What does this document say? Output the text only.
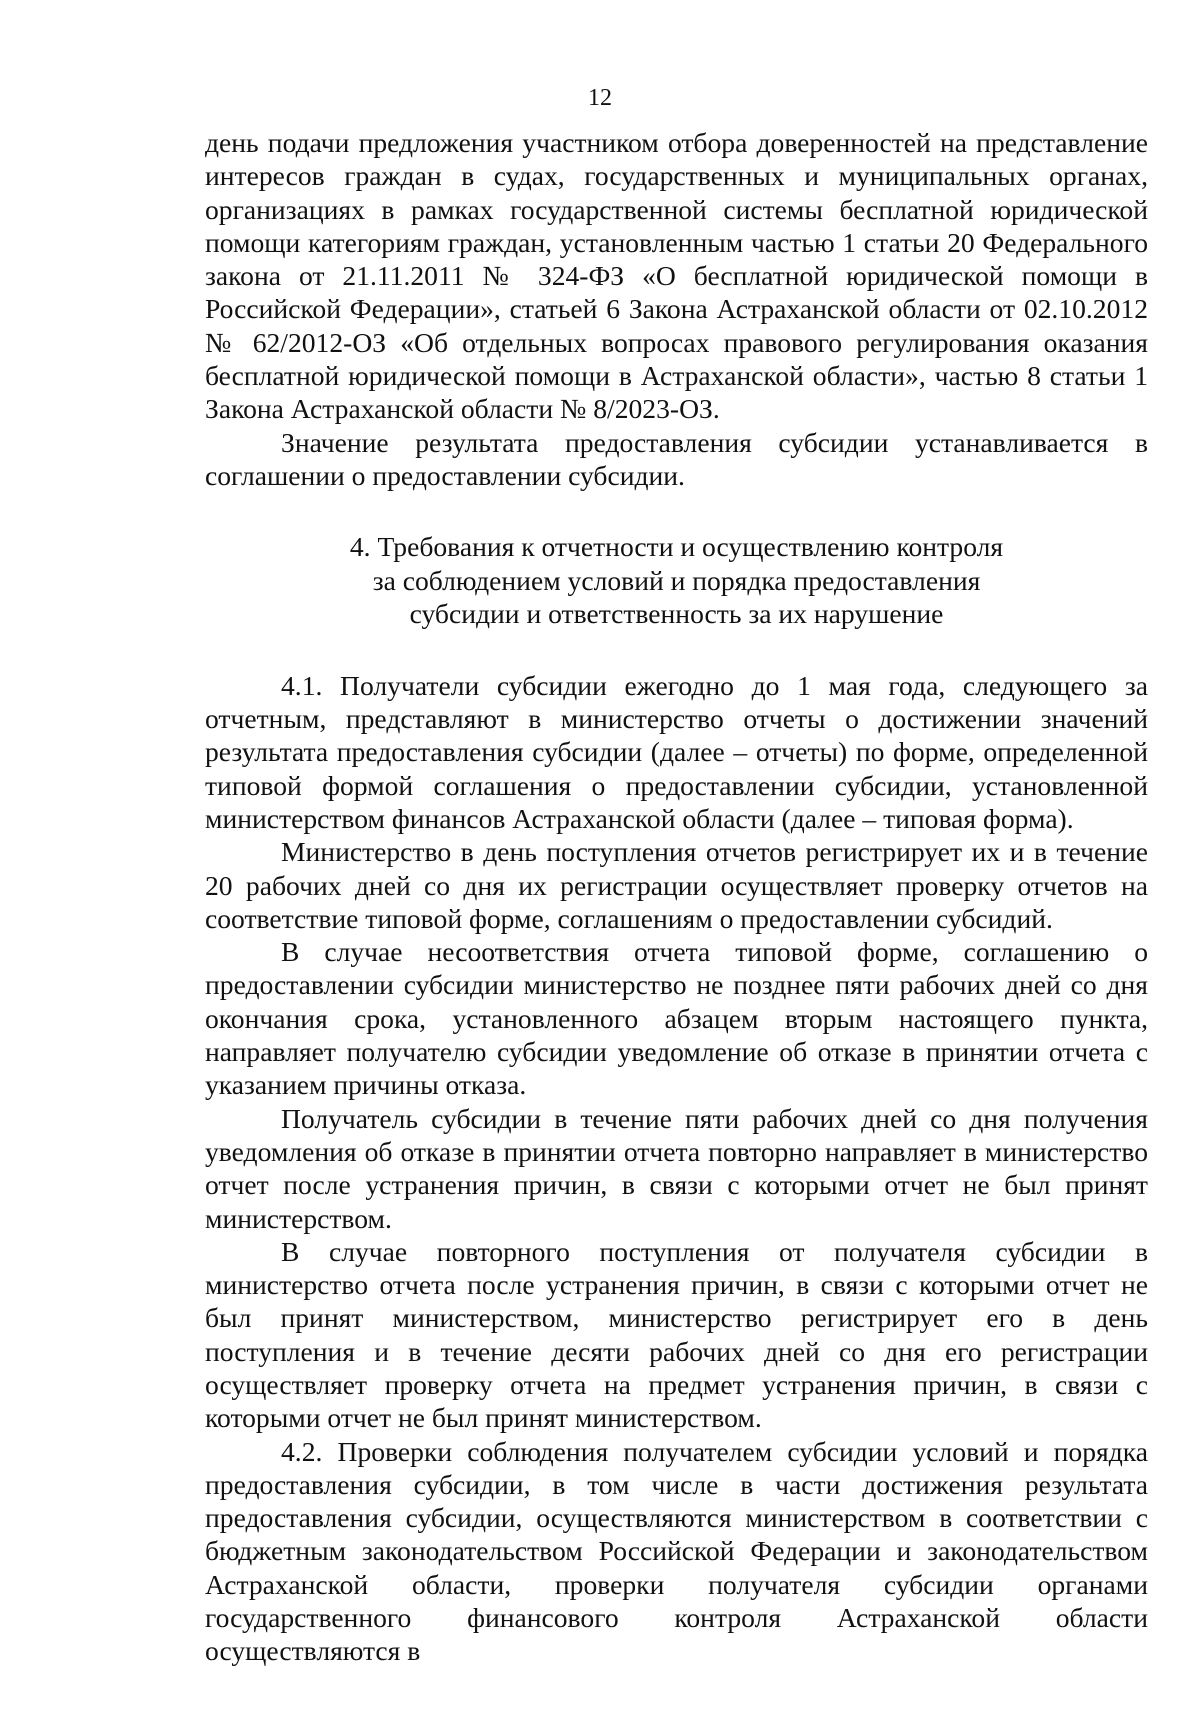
12

день подачи предложения участником отбора доверенностей на представление интересов граждан в судах, государственных и муниципальных органах, организациях в рамках государственной системы бесплатной юридической помощи категориям граждан, установленным частью 1 статьи 20 Федерального закона от 21.11.2011 № 324-ФЗ «О бесплатной юридической помощи в Российской Федерации», статьей 6 Закона Астраханской области от 02.10.2012 № 62/2012-ОЗ «Об отдельных вопросах правового регулирования оказания бесплатной юридической помощи в Астраханской области», частью 8 статьи 1 Закона Астраханской области № 8/2023-ОЗ.

Значение результата предоставления субсидии устанавливается в соглашении о предоставлении субсидии.

4. Требования к отчетности и осуществлению контроля
за соблюдением условий и порядка предоставления
субсидии и ответственность за их нарушение

4.1. Получатели субсидии ежегодно до 1 мая года, следующего за отчетным, представляют в министерство отчеты о достижении значений результата предоставления субсидии (далее – отчеты) по форме, определенной типовой формой соглашения о предоставлении субсидии, установленной министерством финансов Астраханской области (далее – типовая форма).

Министерство в день поступления отчетов регистрирует их и в течение 20 рабочих дней со дня их регистрации осуществляет проверку отчетов на соответствие типовой форме, соглашениям о предоставлении субсидий.

В случае несоответствия отчета типовой форме, соглашению о предоставлении субсидии министерство не позднее пяти рабочих дней со дня окончания срока, установленного абзацем вторым настоящего пункта, направляет получателю субсидии уведомление об отказе в принятии отчета с указанием причины отказа.

Получатель субсидии в течение пяти рабочих дней со дня получения уведомления об отказе в принятии отчета повторно направляет в министерство отчет после устранения причин, в связи с которыми отчет не был принят министерством.

В случае повторного поступления от получателя субсидии в министерство отчета после устранения причин, в связи с которыми отчет не был принят министерством, министерство регистрирует его в день поступления и в течение десяти рабочих дней со дня его регистрации осуществляет проверку отчета на предмет устранения причин, в связи с которыми отчет не был принят министерством.

4.2. Проверки соблюдения получателем субсидии условий и порядка предоставления субсидии, в том числе в части достижения результата предоставления субсидии, осуществляются министерством в соответствии с бюджетным законодательством Российской Федерации и законодательством Астраханской области, проверки получателя субсидии органами государственного финансового контроля Астраханской области осуществляются в
